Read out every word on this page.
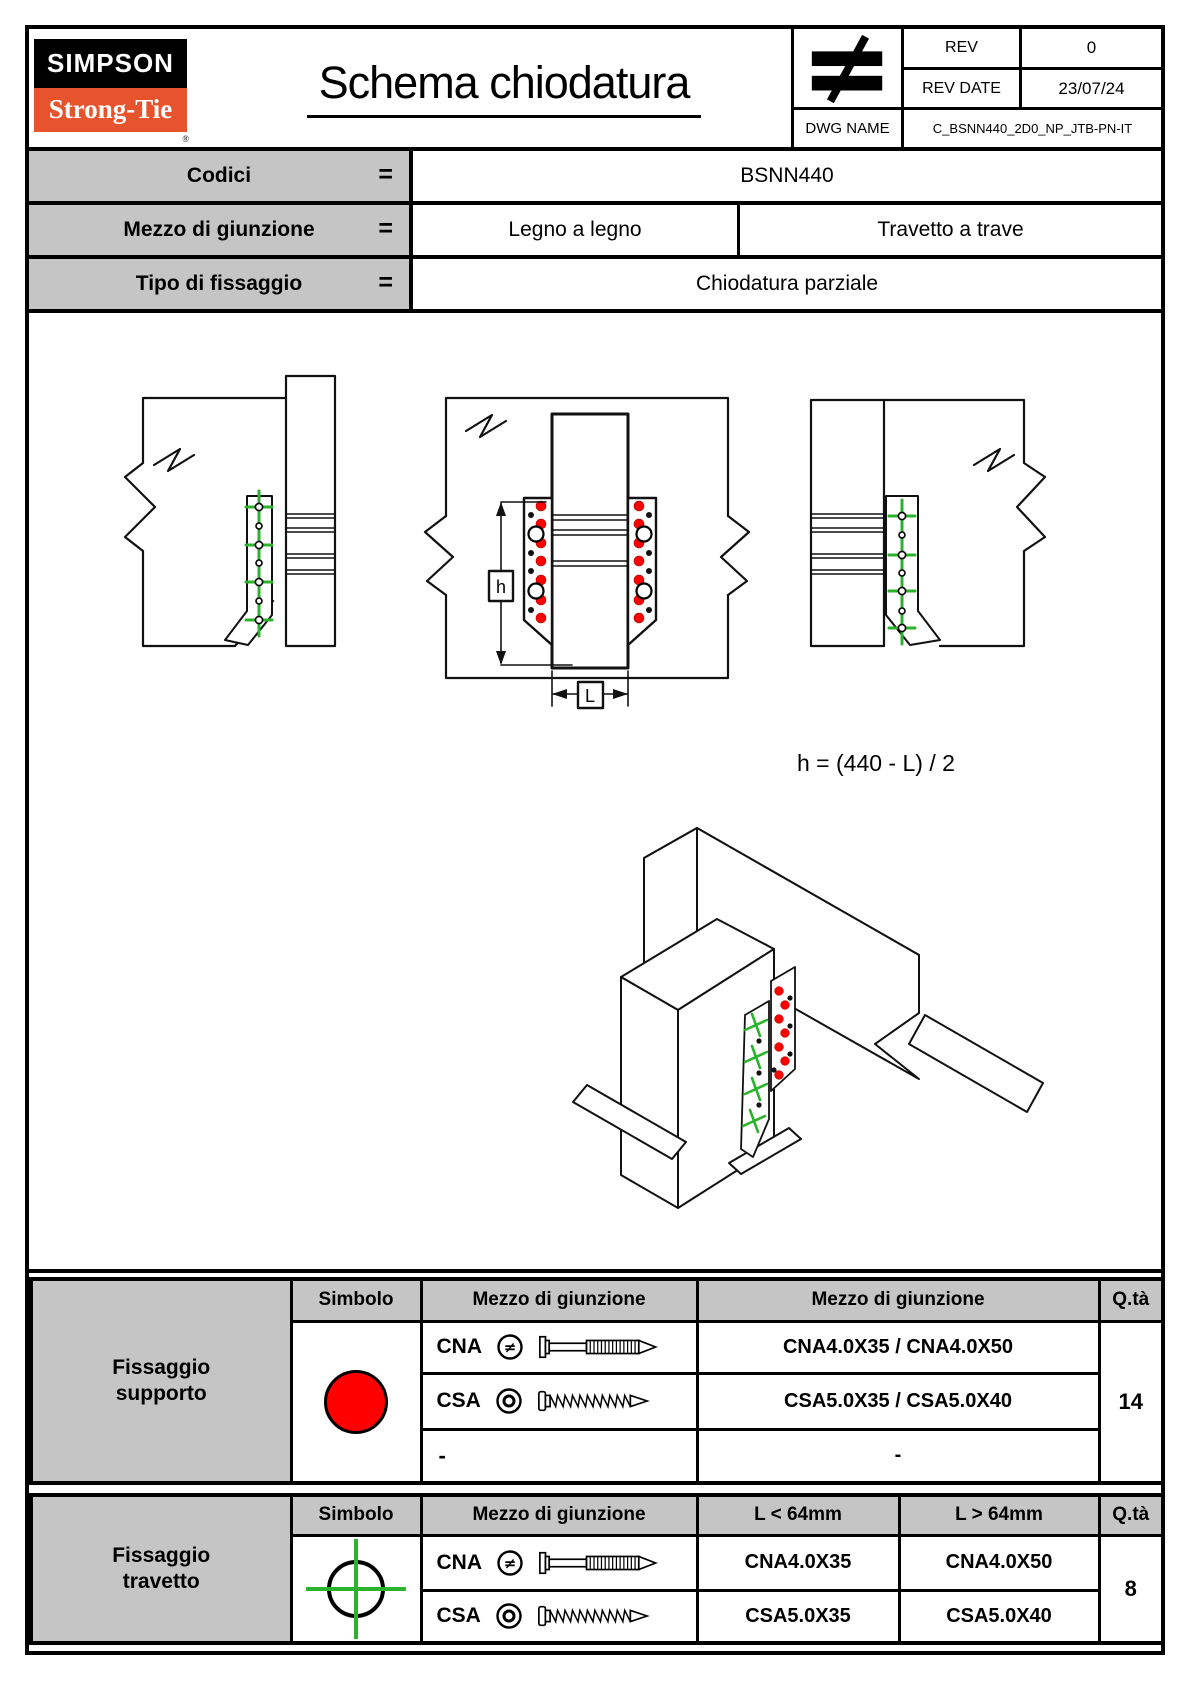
SIMPSON
Strong-Tie
®
Schema chiodatura
REV	0
REV DATE	23/07/24
DWG NAME	C_BSNN440_2D0_NP_JTB-PN-IT
Codici	=	BSNN440
Mezzo di giunzione	=	Legno a legno	Travetto a trave
Tipo di fissaggio	=	Chiodatura parziale
h
L
h = (440 - L) / 2
Fissaggio supporto	Simbolo	Mezzo di giunzione	Mezzo di giunzione	Q.tà

		CNA ≠	CNA4.0X35 / CNA4.0X50	14

		CSA	CSA5.0X35 / CSA5.0X40	
		-	-	
Fissaggio travetto	Simbolo	Mezzo di giunzione	L < 64mm	L > 64mm	Q.tà

		CNA ≠	CNA4.0X35	CNA4.0X50	8

		CSA	CSA5.0X35	CSA5.0X40	
